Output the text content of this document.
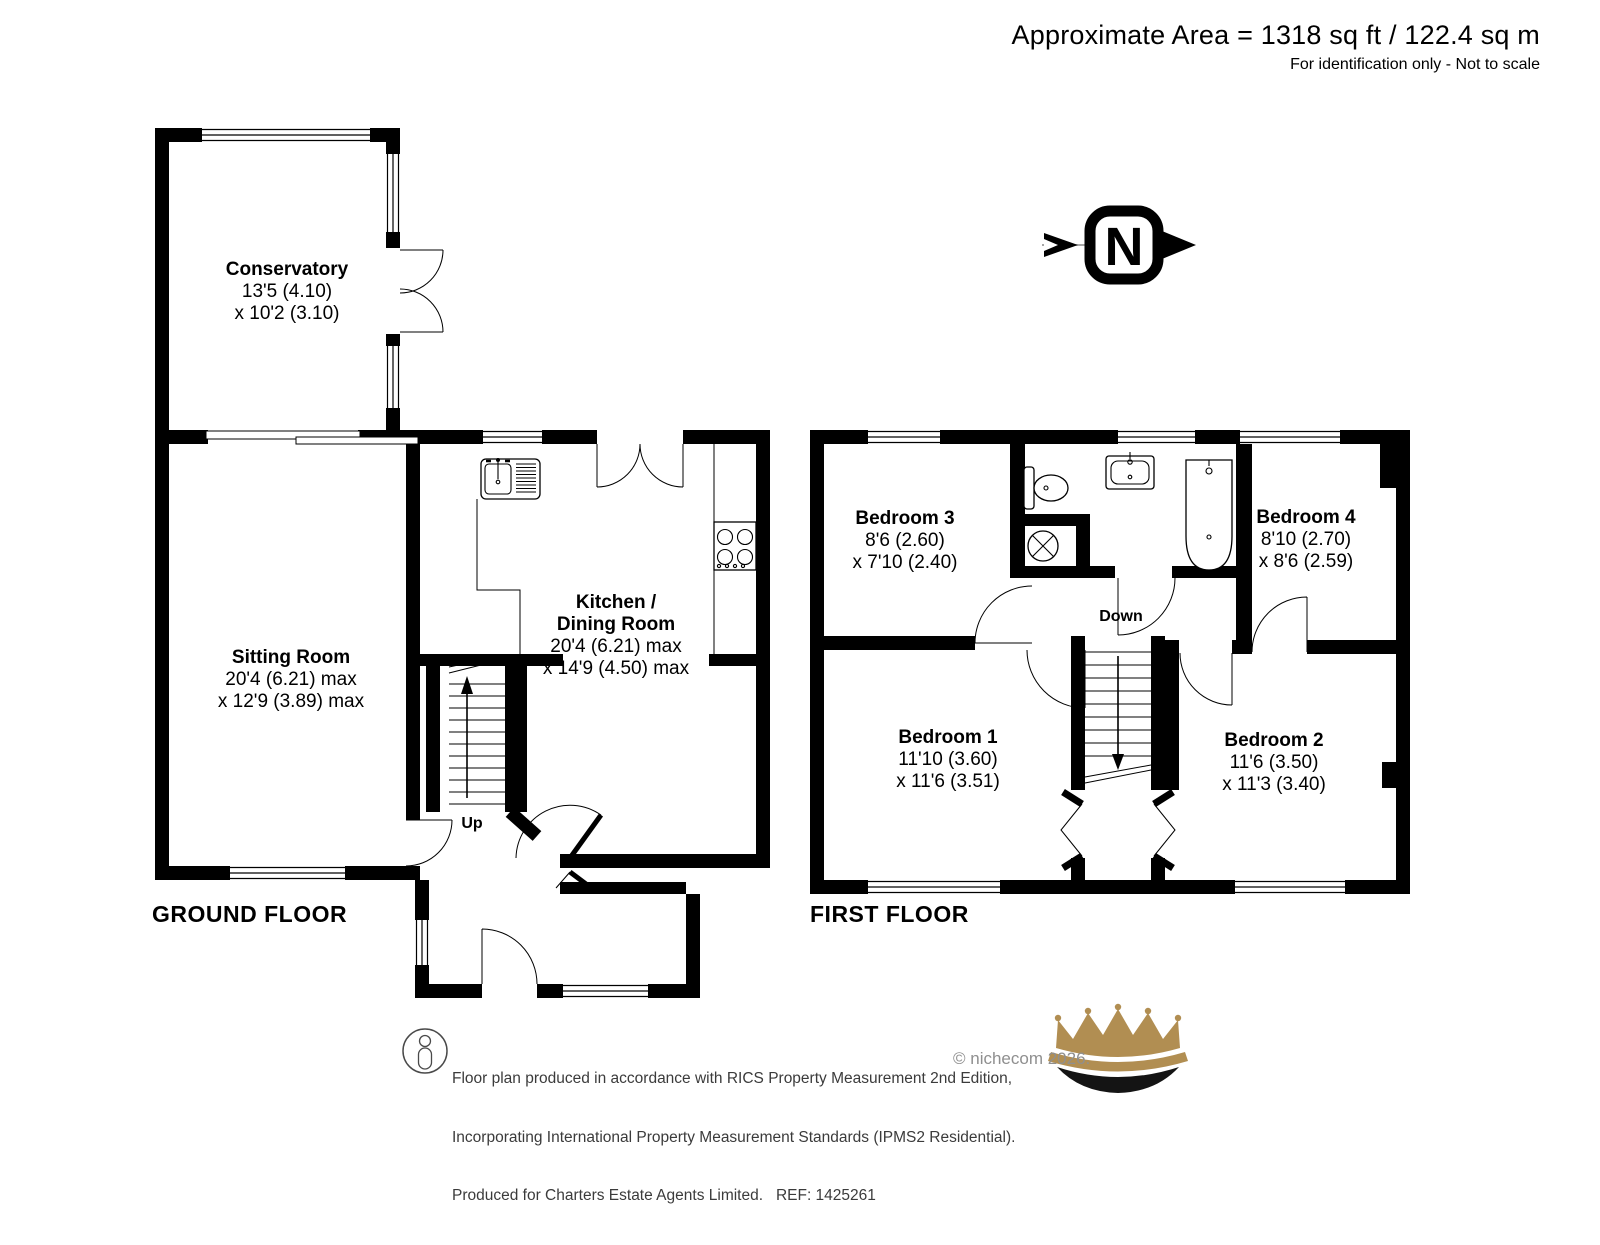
Approximate Area = 1318 sq ft / 122.4 sq m
For identification only - Not to scale
N
Conservatory
13'5 (4.10)
x 10'2 (3.10)
Sitting Room
20'4 (6.21) max
x 12'9 (3.89) max
Kitchen /
Dining Room
20'4 (6.21) max
x 14'9 (4.50) max
Bedroom 3
8'6 (2.60)
x 7'10 (2.40)
Bedroom 4
8'10 (2.70)
x 8'6 (2.59)
Bedroom 1
11'10 (3.60)
x 11'6 (3.51)
Bedroom 2
11'6 (3.50)
x 11'3 (3.40)
Up
Down
GROUND FLOOR	FIRST FLOOR

Floor plan produced in accordance with RICS Property Measurement 2nd Edition,

Incorporating International Property Measurement Standards (IPMS2 Residential).

Produced for Charters Estate Agents Limited.   REF: 1425261

© nichecom 2026.
